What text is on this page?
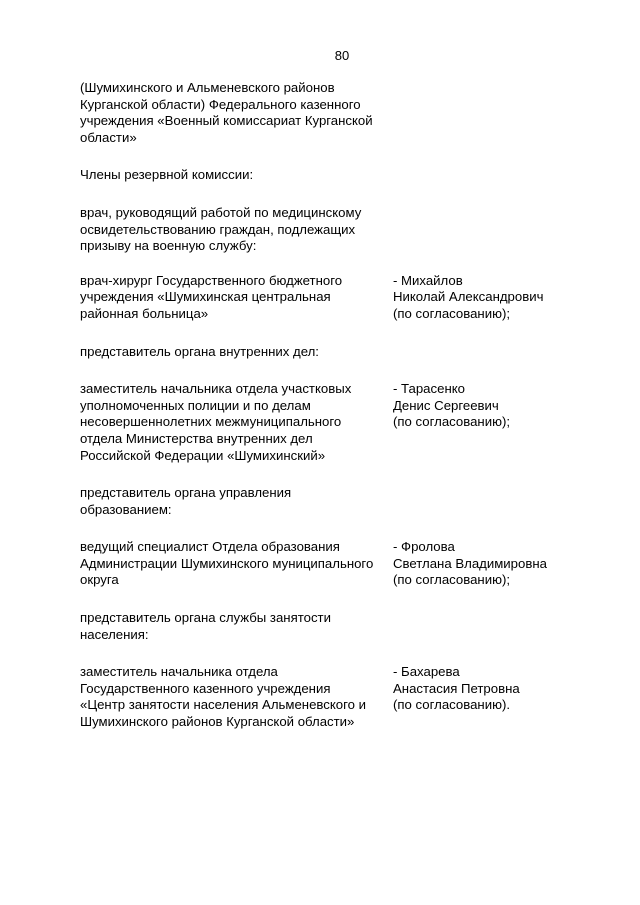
80

(Шумихинского и Альменевского районов
Курганской области) Федерального казенного
учреждения «Военный комиссариат Курганской
области»

Члены резервной комиссии:

врач, руководящий работой по медицинскому
освидетельствованию граждан, подлежащих
призыву на военную службу:

врач-хирург Государственного бюджетного
учреждения «Шумихинская центральная
районная больница»
- Михайлов
Николай Александрович
(по согласованию);

представитель органа внутренних дел:

заместитель начальника отдела участковых
уполномоченных полиции и по делам
несовершеннолетних межмуниципального
отдела Министерства внутренних дел
Российской Федерации «Шумихинский»
- Тарасенко
Денис Сергеевич
(по согласованию);

представитель органа управления
образованием:

ведущий специалист Отдела образования
Администрации Шумихинского муниципального
округа
- Фролова
Светлана Владимировна
(по согласованию);

представитель органа службы занятости
населения:

заместитель начальника отдела
Государственного казенного учреждения
«Центр занятости населения Альменевского и
Шумихинского районов Курганской области»
- Бахарева
Анастасия Петровна
(по согласованию).
